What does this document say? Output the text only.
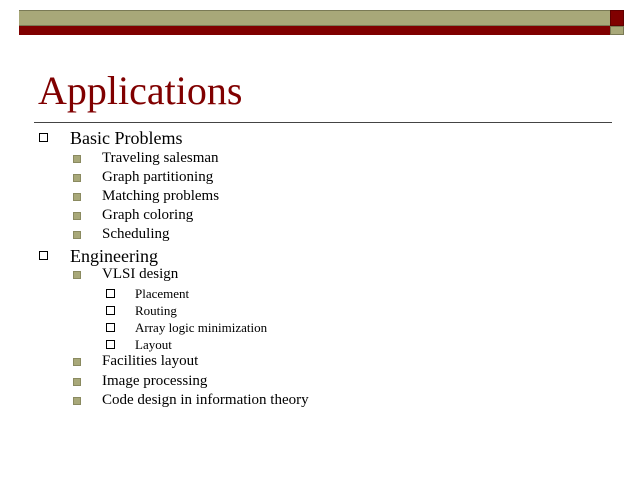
Applications
Basic Problems
Traveling salesman
Graph partitioning
Matching problems
Graph coloring
Scheduling
Engineering
VLSI design
Placement
Routing
Array logic minimization
Layout
Facilities layout
Image processing
Code design in information theory
